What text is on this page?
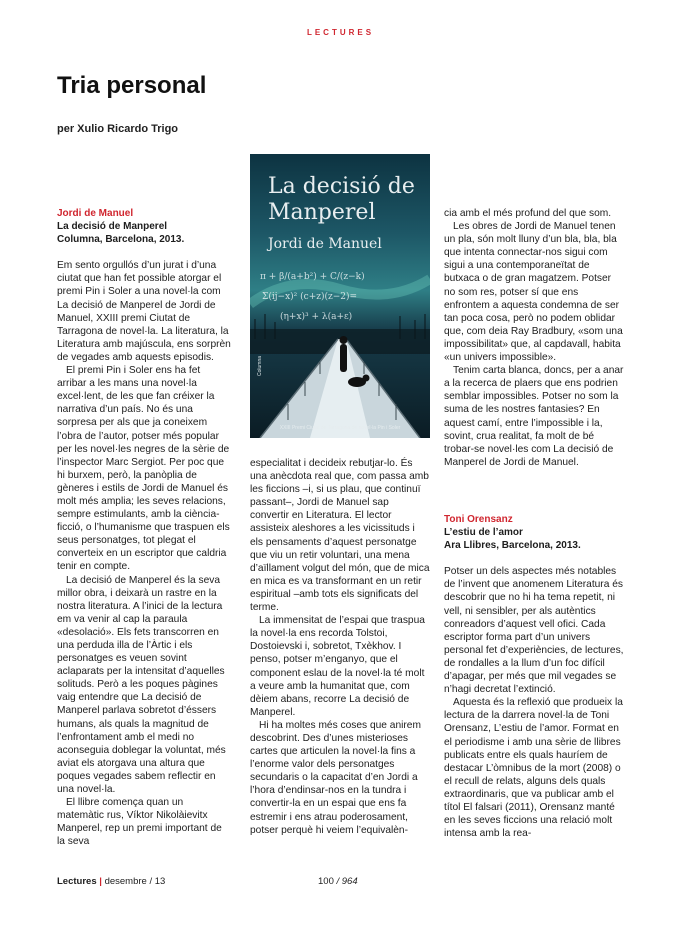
LECTURES
Tria personal
per Xulio Ricardo Trigo
Jordi de Manuel
La decisió de Manperel
Columna, Barcelona, 2013.

Em sento orgullós d’un jurat i d’una ciutat que han fet possible atorgar el premi Pin i Soler a una novel·la com La decisió de Manperel de Jordi de Manuel, XXIII premi Ciutat de Tarragona de novel·la. La literatura, la Literatura amb majúscula, ens sorprèn de vegades amb aquests episodis.

El premi Pin i Soler ens ha fet arribar a les mans una novel·la excel·lent, de les que fan créixer la narrativa d’un país. No és una sorpresa per als que ja coneixem l’obra de l’autor, potser més popular per les novel·les negres de la sèrie de l’inspector Marc Sergiot. Per poc que hi burxem, però, la panòplia de gèneres i estils de Jordi de Manuel és molt més amplia; les seves relacions, sempre estimulants, amb la ciència-ficció, o l’humanisme que traspuen els seus personatges, tot plegat el converteix en un escriptor que caldria tenir en compte.

La decisió de Manperel és la seva millor obra, i deixarà un rastre en la nostra literatura. A l’inici de la lectura em va venir al cap la paraula «desolació». Els fets transcorren en una perduda illa de l’Àrtic i els personatges es veuen sovint aclaparats per la intensitat d’aquelles solituds. Però a les poques pàgines vaig entendre que La decisió de Manperel parlava sobretot d’éssers humans, als quals la magnitud de l’enfrontament amb el medi no aconseguia doblegar la voluntat, més aviat els atorgava una altura que poques vegades sabem reflectir en una novel·la.

El llibre comença quan un matemàtic rus, Víktor Nikolàievitx Manperel, rep un premi important de la seva

π + β/(a+b²) + C/(z−k)
Σ(ij−x)² (c+z)(z−2)=
(η+x)³ + λ(a+ε)
La decisió de Manperel
Jordi de Manuel
Columna
XXIII Premi Ciutat de Tarragona de novel·la Pin i Soler

especialitat i decideix rebutjar-lo. És una anècdota real que, com passa amb les ficcions –i, si us plau, que continuï passant–, Jordi de Manuel sap convertir en Literatura. El lector assisteix aleshores a les vicissituds i els pensaments d’aquest personatge que viu un retir voluntari, una mena d’aïllament volgut del món, que de mica en mica es va transformant en un retir espiritual –amb tots els significats del terme.

La immensitat de l’espai que traspua la novel·la ens recorda Tolstoi, Dostoievski i, sobretot, Txèkhov. I penso, potser m’enganyo, que el component eslau de la novel·la té molt a veure amb la humanitat que, com dèiem abans, recorre La decisió de Manperel.

Hi ha moltes més coses que anirem descobrint. Des d’unes misterioses cartes que articulen la novel·la fins a l’enorme valor dels personatges secundaris o la capacitat d’en Jordi a l’hora d’endinsar-nos en la tundra i convertir-la en un espai que ens fa estremir i ens atrau poderosament, potser perquè hi veiem l’equivalèn-

cia amb el més profund del que som.

Les obres de Jordi de Manuel tenen un pla, són molt lluny d’un bla, bla, bla que intenta connectar-nos sigui com sigui a una contemporaneïtat de butxaca o de gran magatzem. Potser no som res, potser sí que ens enfrontem a aquesta condemna de ser tan poca cosa, però no podem oblidar que, com deia Ray Bradbury, «som una impossibilitat» que, al capdavall, habita «un univers impossible».

Tenim carta blanca, doncs, per a anar a la recerca de plaers que ens podrien semblar impossibles. Potser no som la suma de les nostres fantasies? En aquest camí, entre l’impossible i la, sovint, crua realitat, fa molt de bé trobar-se novel·les com La decisió de Manperel de Jordi de Manuel.

Toni Orensanz
L’estiu de l’amor
Ara Llibres, Barcelona, 2013.

Potser un dels aspectes més notables de l’invent que anomenem Literatura és descobrir que no hi ha tema repetit, ni vell, ni sensibler, per als autèntics conreadors d’aquest vell ofici. Cada escriptor forma part d’un univers personal fet d’experiències, de lectures, de rondalles a la llum d’un foc difícil d’apagar, per més que mil vegades se n’hagi decretat l’extinció.

Aquesta és la reflexió que produeix la lectura de la darrera novel·la de Toni Orensanz, L’estiu de l’amor. Format en el periodisme i amb una sèrie de llibres publicats entre els quals hauríem de destacar L’òmnibus de la mort (2008) o el recull de relats, alguns dels quals extraordinaris, que va publicar amb el títol El falsari (2011), Orensanz manté en les seves ficcions una relació molt intensa amb la rea-

Lectures | desembre / 13	100 / 964
